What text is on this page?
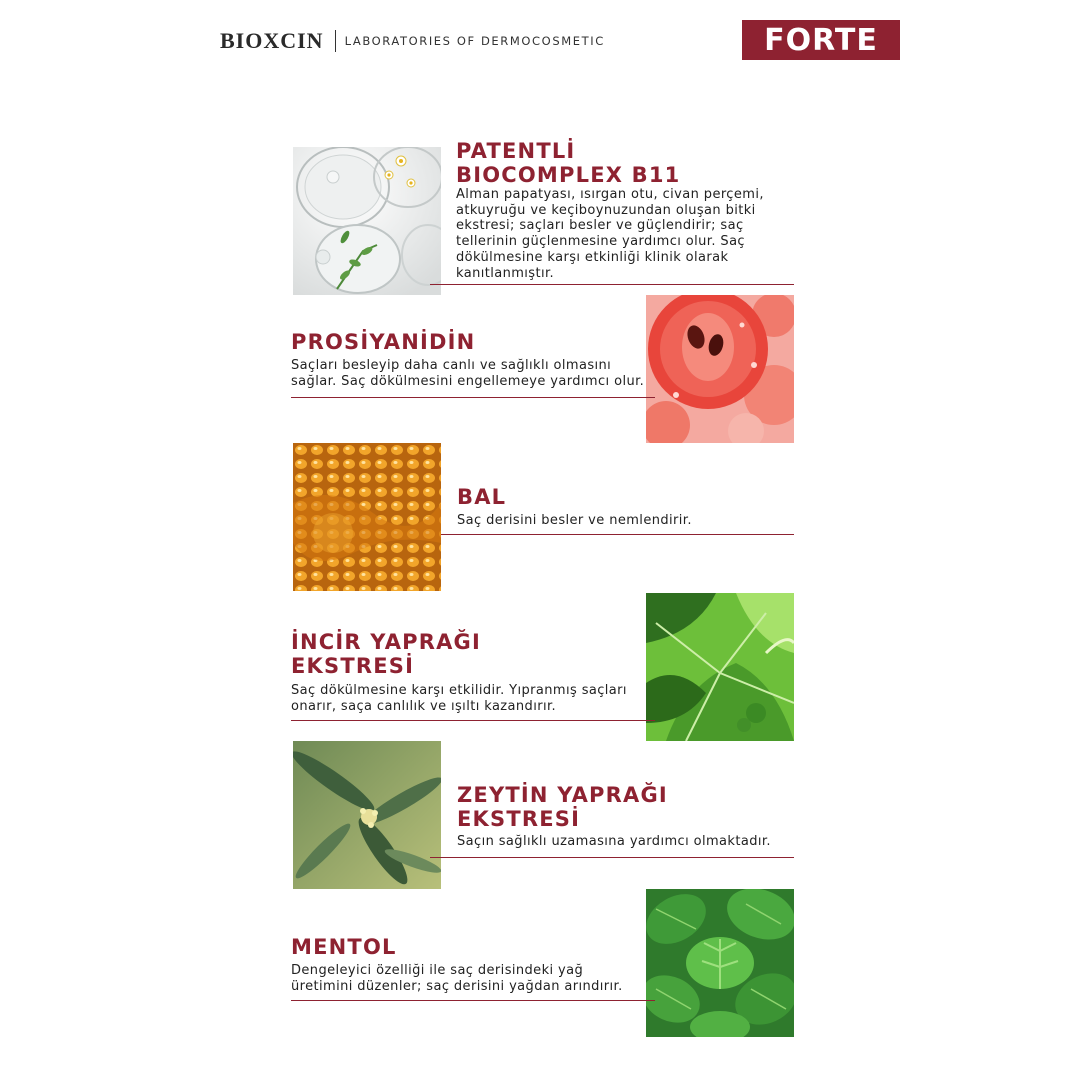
BIOXCIN LABORATORIES OF DERMOCOSMETIC	FORTE
PATENTLİ
BIOCOMPLEX B11

Alman papatyası, ısırgan otu, civan perçemi,
atkuyruğu ve keçiboynuzundan oluşan bitki
ekstresi; saçları besler ve güçlendirir; saç
tellerinin güçlenmesine yardımcı olur. Saç
dökülmesine karşı etkinliği klinik olarak
kanıtlanmıştır.

PROSİYANİDİN

Saçları besleyip daha canlı ve sağlıklı olmasını
sağlar. Saç dökülmesini engellemeye yardımcı olur.

BAL

Saç derisini besler ve nemlendirir.

İNCİR YAPRAĞI
EKSTRESİ

Saç dökülmesine karşı etkilidir. Yıpranmış saçları
onarır, saça canlılık ve ışıltı kazandırır.

ZEYTİN YAPRAĞI
EKSTRESİ

Saçın sağlıklı uzamasına yardımcı olmaktadır.

MENTOL

Dengeleyici özelliği ile saç derisindeki yağ
üretimini düzenler; saç derisini yağdan arındırır.
